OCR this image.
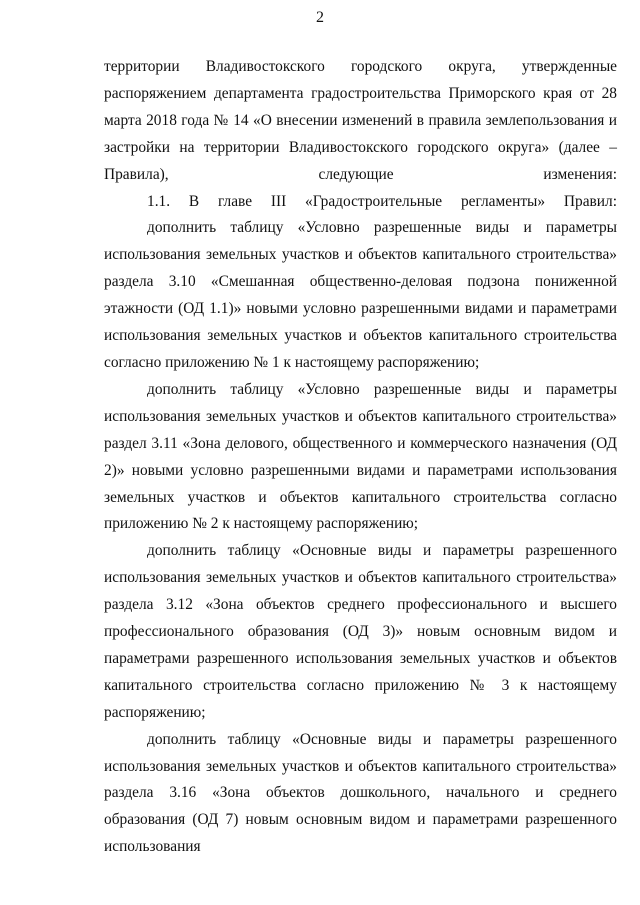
2

территории Владивостокского городского округа, утвержденные распоряжением департамента градостроительства Приморского края от 28 марта 2018 года № 14 «О внесении изменений в правила землепользования и застройки на территории Владивостокского городского округа» (далее – Правила), следующие изменения:

1.1. В главе III «Градостроительные регламенты» Правил:

дополнить таблицу «Условно разрешенные виды и параметры использования земельных участков и объектов капитального строительства» раздела 3.10 «Смешанная общественно-деловая подзона пониженной этажности (ОД 1.1)» новыми условно разрешенными видами и параметрами использования земельных участков и объектов капитального строительства согласно приложению № 1 к настоящему распоряжению;

дополнить таблицу «Условно разрешенные виды и параметры использования земельных участков и объектов капитального строительства» раздел 3.11 «Зона делового, общественного и коммерческого назначения (ОД 2)» новыми условно разрешенными видами и параметрами использования земельных участков и объектов капитального строительства согласно приложению № 2 к настоящему распоряжению;

дополнить таблицу «Основные виды и параметры разрешенного использования земельных участков и объектов капитального строительства» раздела 3.12 «Зона объектов среднего профессионального и высшего профессионального образования (ОД 3)» новым основным видом и параметрами разрешенного использования земельных участков и объектов капитального строительства согласно приложению № 3 к настоящему распоряжению;

дополнить таблицу «Основные виды и параметры разрешенного использования земельных участков и объектов капитального строительства» раздела 3.16 «Зона объектов дошкольного, начального и среднего образования (ОД 7) новым основным видом и параметрами разрешенного использования
